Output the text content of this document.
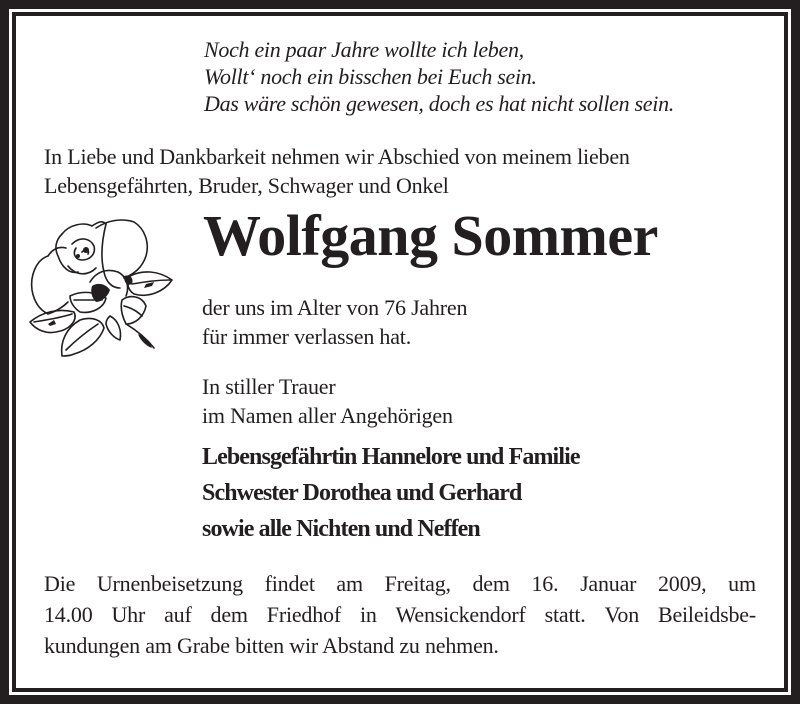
Noch ein paar Jahre wollte ich leben,
Wollt‘ noch ein bisschen bei Euch sein.
Das wäre schön gewesen, doch es hat nicht sollen sein.
In Liebe und Dankbarkeit nehmen wir Abschied von meinem lieben
Lebensgefährten, Bruder, Schwager und Onkel
Wolfgang Sommer
der uns im Alter von 76 Jahren
für immer verlassen hat.
In stiller Trauer
im Namen aller Angehörigen
Lebensgefährtin Hannelore und Familie
Schwester Dorothea und Gerhard
sowie alle Nichten und Neffen
Die Urnenbeisetzung findet am Freitag, dem 16. Januar 2009, um
14.00 Uhr auf dem Friedhof in Wensickendorf statt. Von Beileidsbe-
kundungen am Grabe bitten wir Abstand zu nehmen.
